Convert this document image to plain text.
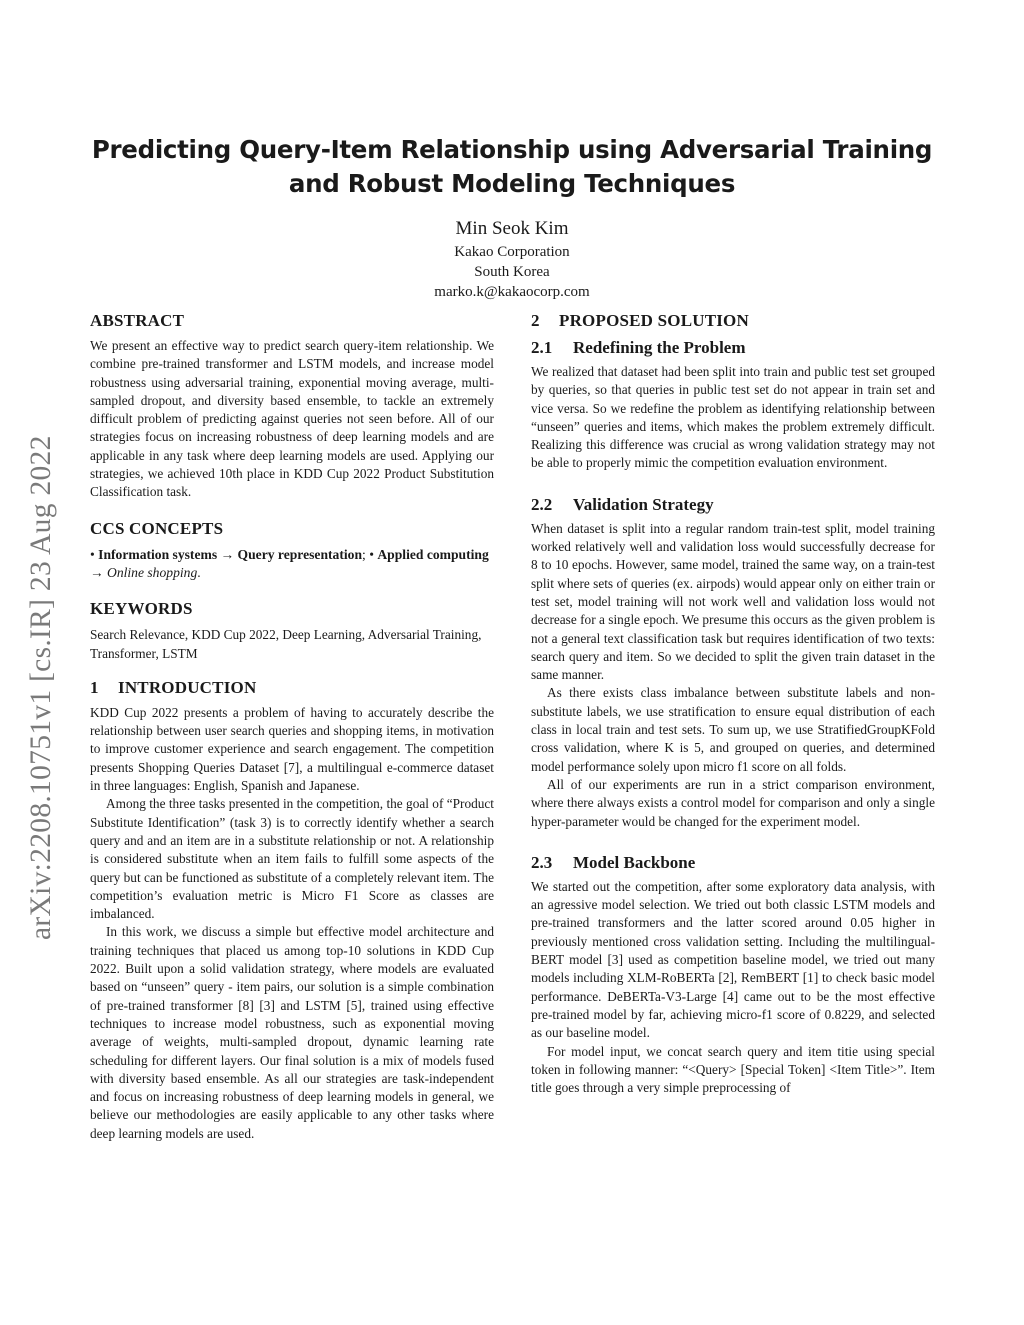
arXiv:2208.10751v1 [cs.IR] 23 Aug 2022
Predicting Query-Item Relationship using Adversarial Training
and Robust Modeling Techniques
Min Seok Kim
Kakao Corporation
South Korea
marko.k@kakaocorp.com
ABSTRACT

We present an effective way to predict search query-item relationship. We combine pre-trained transformer and LSTM models, and increase model robustness using adversarial training, exponential moving average, multi-sampled dropout, and diversity based ensemble, to tackle an extremely difficult problem of predicting against queries not seen before. All of our strategies focus on increasing robustness of deep learning models and are applicable in any task where deep learning models are used. Applying our strategies, we achieved 10th place in KDD Cup 2022 Product Substitution Classification task.

CCS CONCEPTS

• Information systems → Query representation; • Applied computing → Online shopping.

KEYWORDS

Search Relevance, KDD Cup 2022, Deep Learning, Adversarial Training, Transformer, LSTM

1 INTRODUCTION

KDD Cup 2022 presents a problem of having to accurately describe the relationship between user search queries and shopping items, in motivation to improve customer experience and search engagement. The competition presents Shopping Queries Dataset [7], a multilingual e-commerce dataset in three languages: English, Spanish and Japanese.

Among the three tasks presented in the competition, the goal of “Product Substitute Identification” (task 3) is to correctly identify whether a search query and and an item are in a substitute relationship or not. A relationship is considered substitute when an item fails to fulfill some aspects of the query but can be functioned as substitute of a completely relevant item. The competition’s evaluation metric is Micro F1 Score as classes are imbalanced.

In this work, we discuss a simple but effective model architecture and training techniques that placed us among top-10 solutions in KDD Cup 2022. Built upon a solid validation strategy, where models are evaluated based on “unseen” query - item pairs, our solution is a simple combination of pre-trained transformer [8] [3] and LSTM [5], trained using effective techniques to increase model robustness, such as exponential moving average of weights, multi-sampled dropout, dynamic learning rate scheduling for different layers. Our final solution is a mix of models fused with diversity based ensemble. As all our strategies are task-independent and focus on increasing robustness of deep learning models in general, we believe our methodologies are easily applicable to any other tasks where deep learning models are used.

2 PROPOSED SOLUTION
2.1 Redefining the Problem

We realized that dataset had been split into train and public test set grouped by queries, so that queries in public test set do not appear in train set and vice versa. So we redefine the problem as identifying relationship between “unseen” queries and items, which makes the problem extremely difficult. Realizing this difference was crucial as wrong validation strategy may not be able to properly mimic the competition evaluation environment.

2.2 Validation Strategy

When dataset is split into a regular random train-test split, model training worked relatively well and validation loss would successfully decrease for 8 to 10 epochs. However, same model, trained the same way, on a train-test split where sets of queries (ex. airpods) would appear only on either train or test set, model training will not work well and validation loss would not decrease for a single epoch. We presume this occurs as the given problem is not a general text classification task but requires identification of two texts: search query and item. So we decided to split the given train dataset in the same manner.

As there exists class imbalance between substitute labels and non-substitute labels, we use stratification to ensure equal distribution of each class in local train and test sets. To sum up, we use StratifiedGroupKFold cross validation, where K is 5, and grouped on queries, and determined model performance solely upon micro f1 score on all folds.

All of our experiments are run in a strict comparison environment, where there always exists a control model for comparison and only a single hyper-parameter would be changed for the experiment model.

2.3 Model Backbone

We started out the competition, after some exploratory data analysis, with an agressive model selection. We tried out both classic LSTM models and pre-trained transformers and the latter scored around 0.05 higher in previously mentioned cross validation setting. Including the multilingual-BERT model [3] used as competition baseline model, we tried out many models including XLM-RoBERTa [2], RemBERT [1] to check basic model performance. DeBERTa-V3-Large [4] came out to be the most effective pre-trained model by far, achieving micro-f1 score of 0.8229, and selected as our baseline model.

For model input, we concat search query and item titie using special token in following manner: “<Query> [Special Token] <Item Title>”. Item title goes through a very simple preprocessing of
